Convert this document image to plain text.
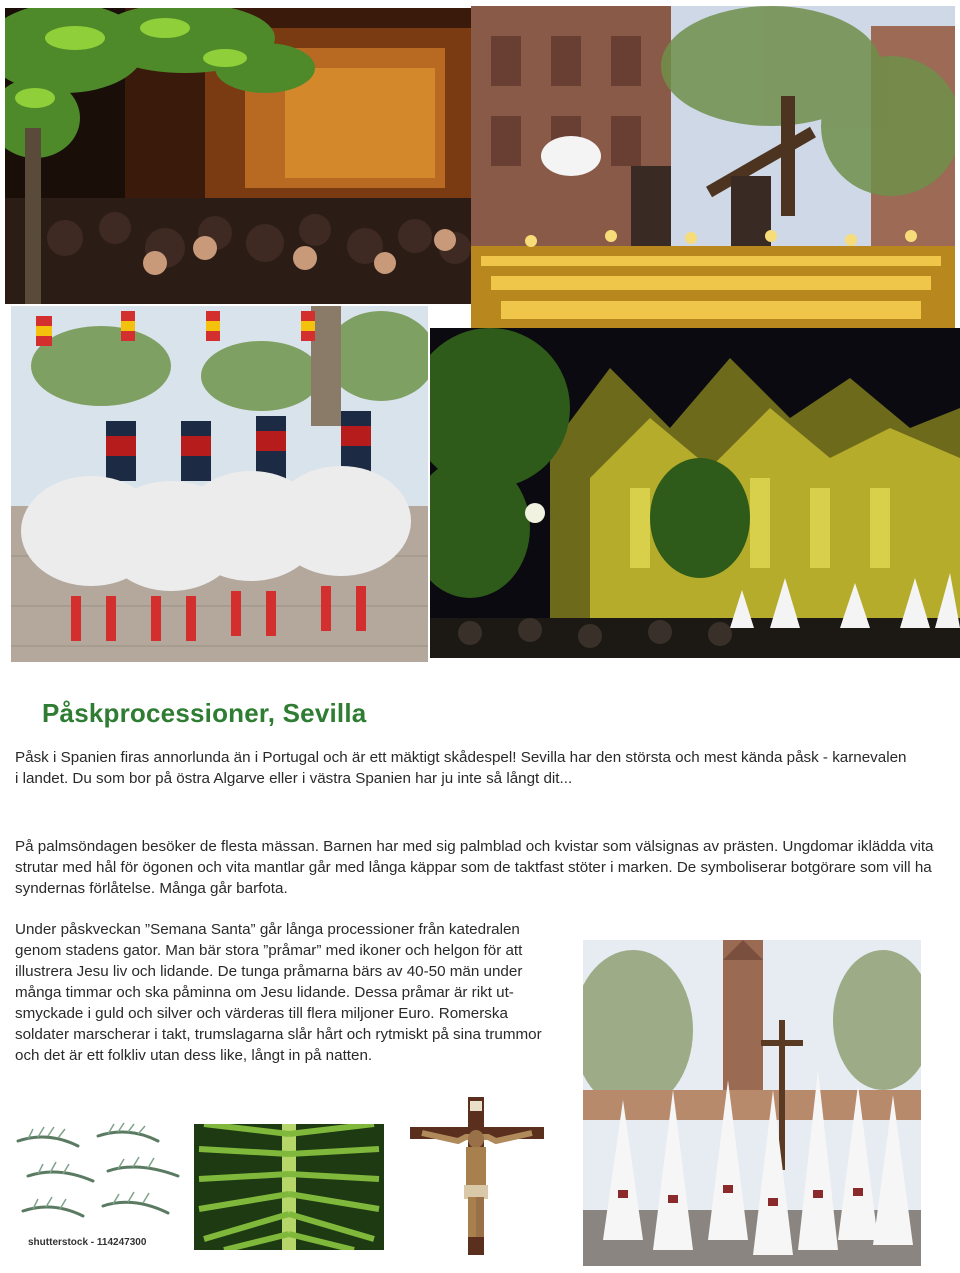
Påskprocessioner, Sevilla

Påsk i Spanien firas annorlunda än i Portugal och är ett mäktigt skådespel! Sevilla har den största och mest kända påsk - karnevalen i landet. Du som bor på östra Algarve eller i västra Spanien har ju inte så långt dit...

På palmsöndagen besöker de flesta mässan. Barnen har med sig palmblad och kvistar som välsignas av prästen. Ungdomar iklädda vita strutar med hål för ögonen och vita mantlar går med långa käppar som de taktfast stöter i marken. De symboliserar botgörare som vill ha syndernas förlåtelse. Många går barfota.

Under påskveckan ”Semana Santa” går långa processioner från katedralen genom stadens gator. Man bär stora ”pråmar” med ikoner och helgon för att illustrera Jesu liv och lidande. De tunga pråmarna bärs av 40-50 män under många timmar och ska påminna om Jesu lidande. Dessa pråmar är rikt ut-smyckade i guld och silver och värderas till flera miljoner Euro. Romerska soldater marscherar i takt, trumslagarna slår hårt och rytmiskt på sina trummor och det är ett folkliv utan dess like, långt in på natten.

shutterstock - 114247300
